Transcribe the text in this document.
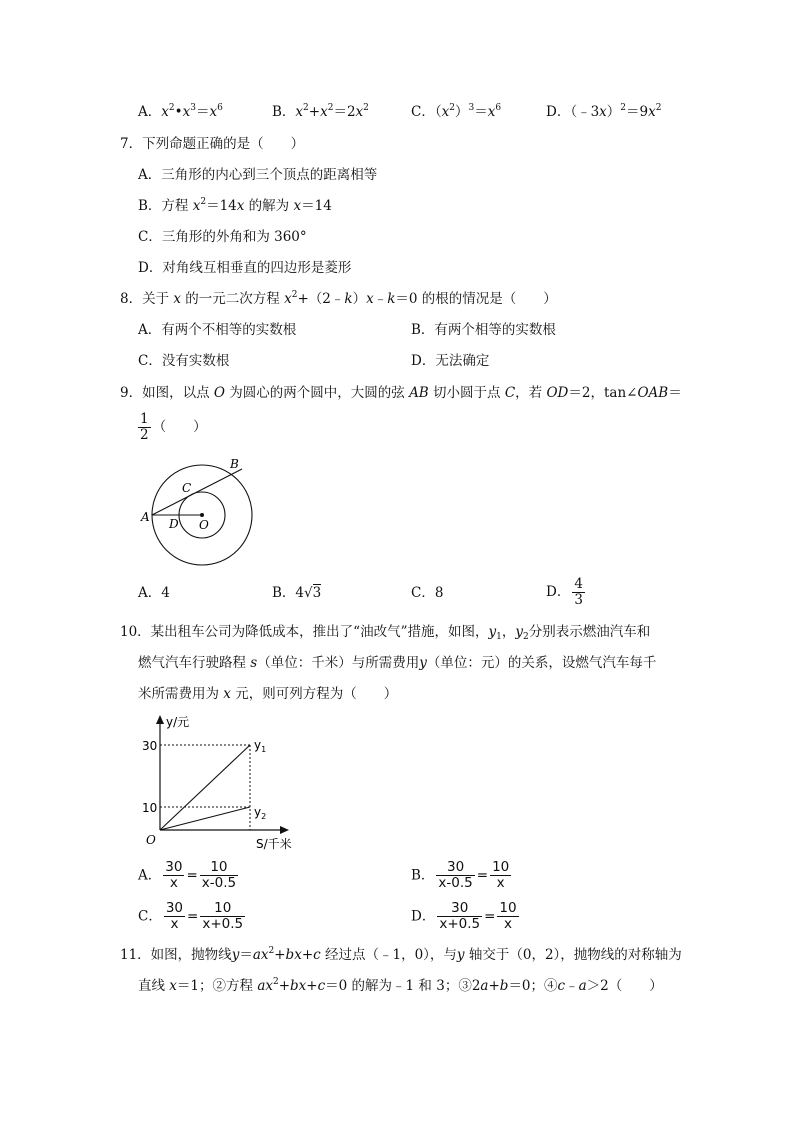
A．$x^2•x^3=x^6$	B．$x^2+x^2=2x^2$	C．$(x^2)^3=x^6$	D．$(﹣3x)^2=9x^2$
7．下列命题正确的是（　　）
A．三角形的内心到三个顶点的距离相等
B．方程 $x^2=14x$ 的解为 x＝14
C．三角形的外角和为 360°
D．对角线互相垂直的四边形是菱形
8．关于 x 的一元二次方程 $x^2+(2﹣k)x﹣k=0$ 的根的情况是（　　）
A．有两个不相等的实数根	B．有两个相等的实数根
C．没有实数根	D．无法确定
9．如图，以点 O 为圆心的两个圆中，大圆的弦 AB 切小圆于点 C，若 OD＝2，tan∠OAB＝
$\frac{1}{2}$ （　　）
A
B
C
D O
A．4	B．4√3	C．8	D． $\frac{4}{3}$
10．某出租车公司为降低成本，推出了“油改气”措施，如图，$y_1$，$y_2$分别表示燃油汽车和
燃气汽车行驶路程 s（单位：千米）与所需费用y（单位：元）的关系，设燃气汽车每千
米所需费用为 x 元，则可列方程为（　　）
y/元
30
10
O
$y_1$
$y_2$
S/千米
A． $\frac{30}{x} = \frac{10}{x-0.5}$	B． $\frac{30}{x-0.5} = \frac{10}{x}$
C． $\frac{30}{x} = \frac{10}{x+0.5}$	D． $\frac{30}{x+0.5} = \frac{10}{x}$
11．如图，抛物线$y=ax^2+bx+c$ 经过点（﹣1，0），与y 轴交于（0，2），抛物线的对称轴为
直线 x＝1；②方程 $ax^2+bx+c=0$ 的解为﹣1 和 3；③2a+b＝0；④c﹣a＞2（　　）
